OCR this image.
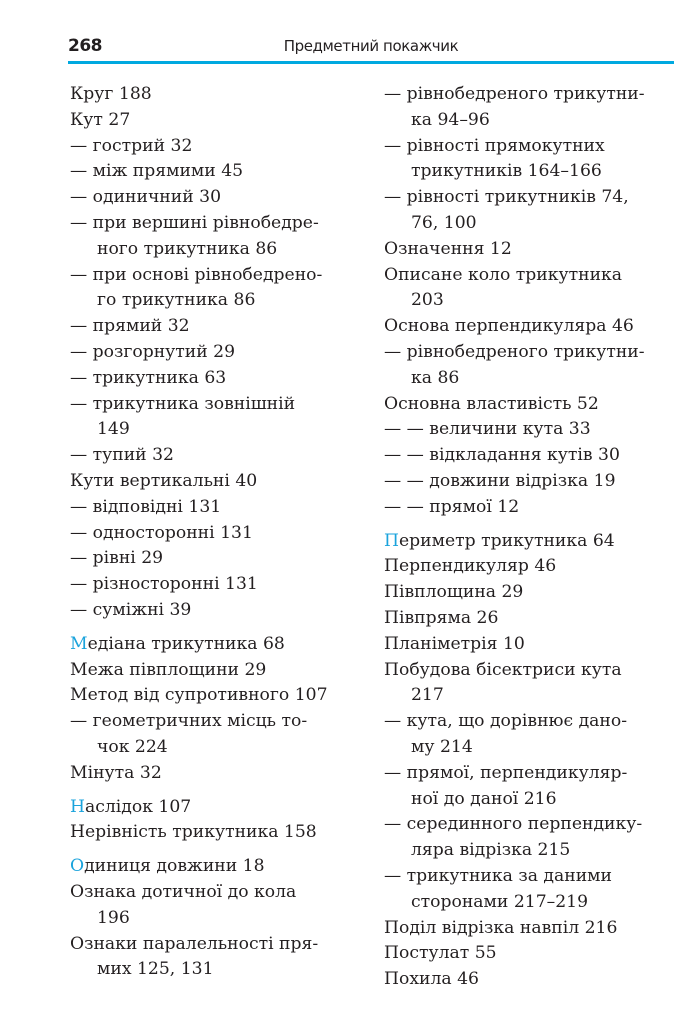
268	Предметний покажчик
Круг 188
Кут 27
— гострий 32
— між прямими 45
— одиничний 30
— при вершині рівнобедре-
ного трикутника 86
— при основі рівнобедрено-
го трикутника 86
— прямий 32
— розгорнутий 29
— трикутника 63
— трикутника зовнішній
149
— тупий 32
Кути вертикальні 40
— відповідні 131
— односторонні 131
— рівні 29
— різносторонні 131
— суміжні 39
Медіана трикутника 68
Межа півплощини 29
Метод від супротивного 107
— геометричних місць то-
чок 224
Мінута 32
Наслідок 107
Нерівність трикутника 158
Одиниця довжини 18
Ознака дотичної до кола
196
Ознаки паралельності пря-
мих 125, 131
— рівнобедреного трикутни-
ка 94–96
— рівності прямокутних
трикутників 164–166
— рівності трикутників 74,
76, 100
Означення 12
Описане коло трикутника
203
Основа перпендикуляра 46
— рівнобедреного трикутни-
ка 86
Основна властивість 52
— — величини кута 33
— — відкладання кутів 30
— — довжини відрізка 19
— — прямої 12
Периметр трикутника 64
Перпендикуляр 46
Півплощина 29
Півпряма 26
Планіметрія 10
Побудова бісектриси кута
217
— кута, що дорівнює дано-
му 214
— прямої, перпендикуляр-
ної до даної 216
— серединного перпендику-
ляра відрізка 215
— трикутника за даними
сторонами 217–219
Поділ відрізка навпіл 216
Постулат 55
Похила 46
